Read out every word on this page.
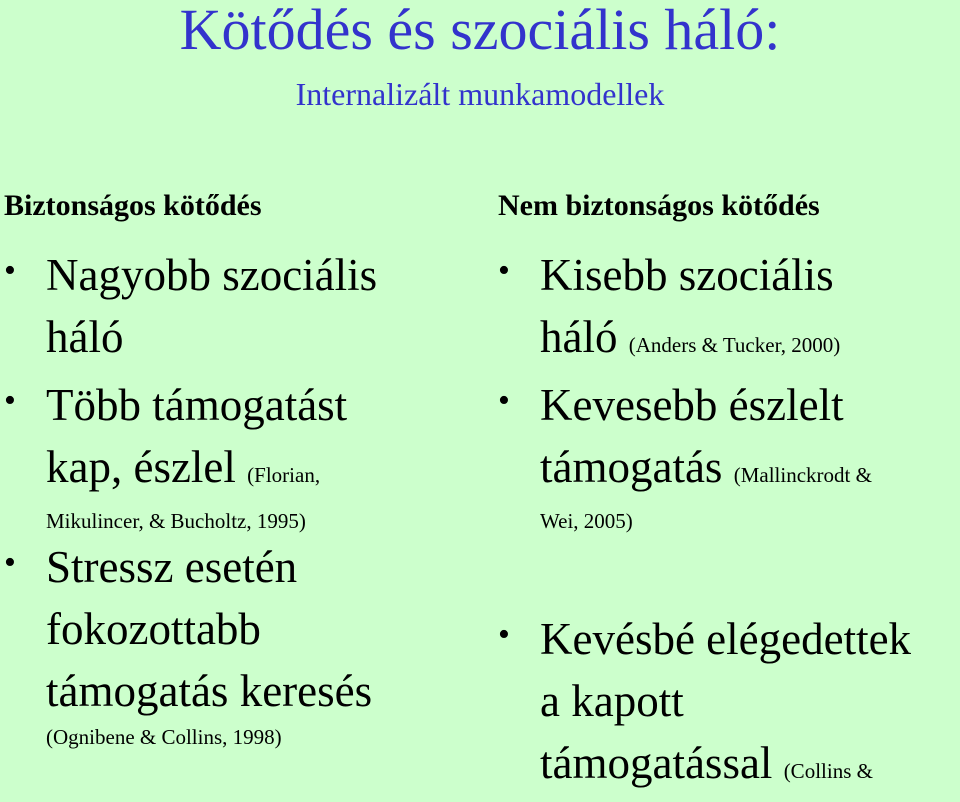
Kötődés és szociális háló:
Internalizált munkamodellek
Biztonságos kötődés
• Nagyobb szociális
háló
• Több támogatást
kap, észlel (Florian,
Mikulincer, & Bucholtz, 1995)
• Stressz esetén
fokozottabb
támogatás keresés
(Ognibene & Collins, 1998)
Nem biztonságos kötődés
• Kisebb szociális
háló (Anders & Tucker, 2000)
• Kevesebb észlelt
támogatás (Mallinckrodt &
Wei, 2005)
• Kevésbé elégedettek
a kapott
támogatással (Collins &
